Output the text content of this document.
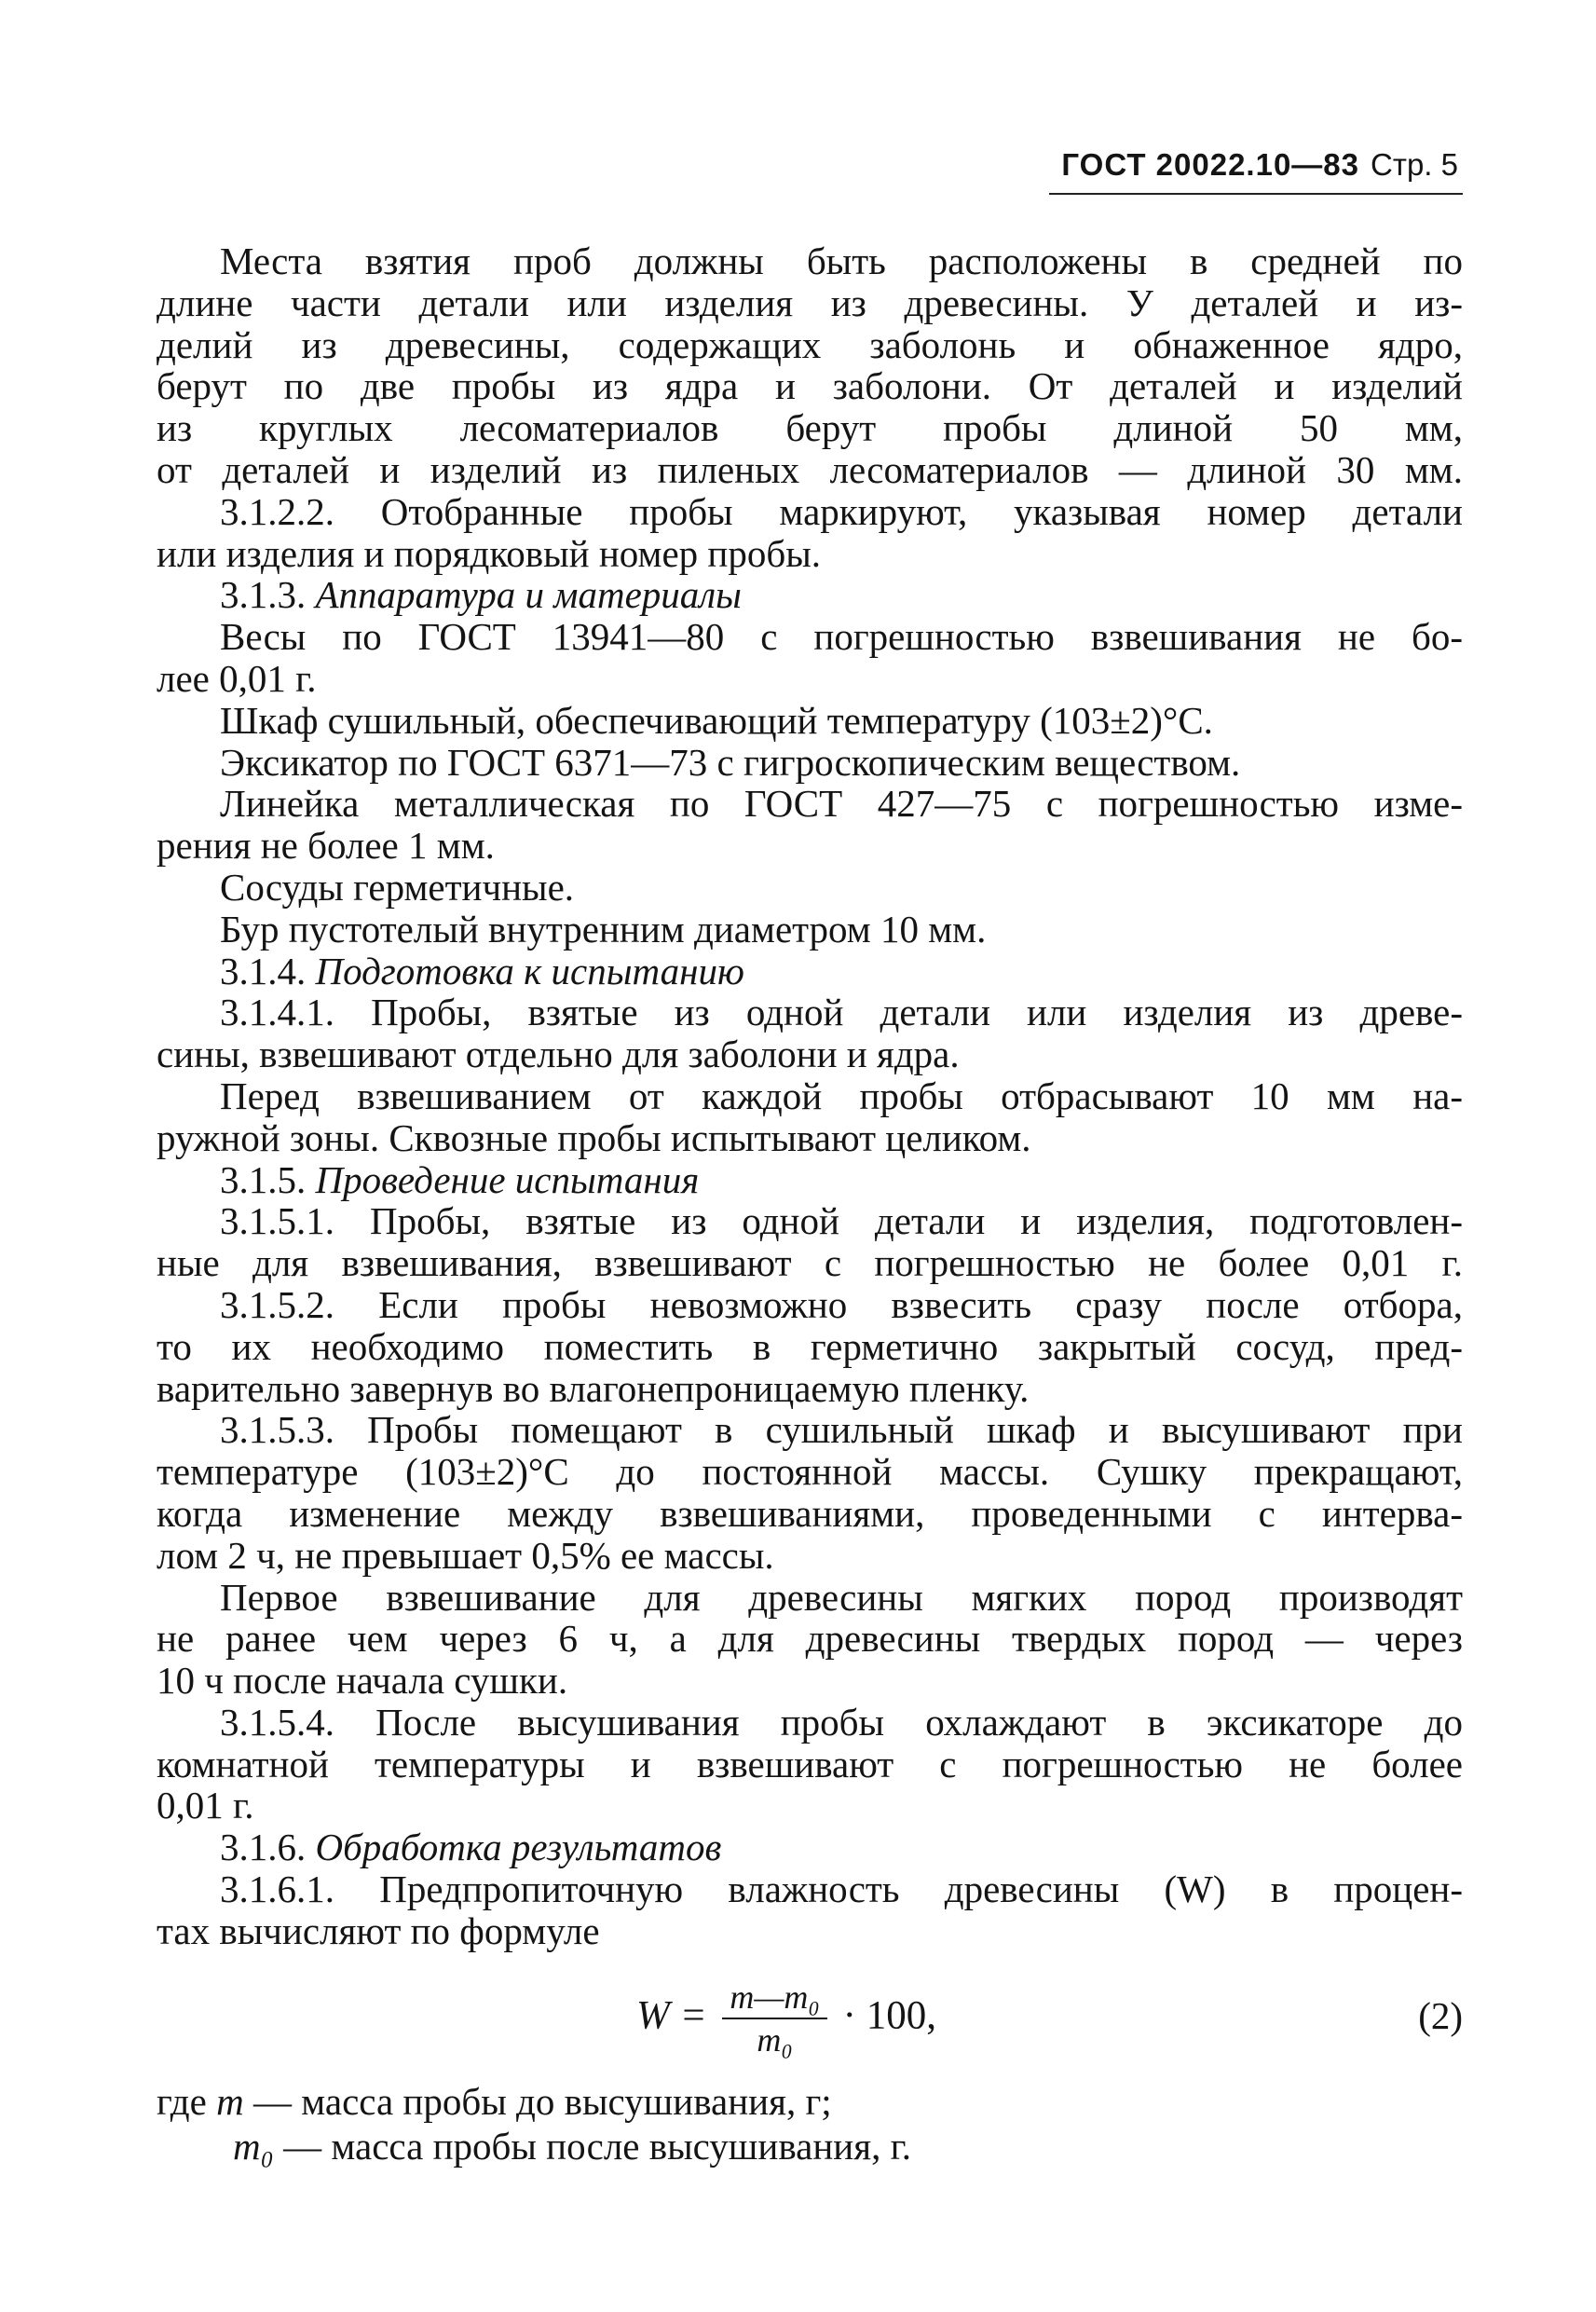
ГОСТ 20022.10—83 Стр. 5
Места взятия проб должны быть расположены в средней по
длине части детали или изделия из древесины. У деталей и из-
делий из древесины, содержащих заболонь и обнаженное ядро,
берут по две пробы из ядра и заболони. От деталей и изделий
из круглых лесоматериалов берут пробы длиной 50 мм,
от деталей и изделий из пиленых лесоматериалов — длиной 30 мм.
3.1.2.2. Отобранные пробы маркируют, указывая номер детали
или изделия и порядковый номер пробы.
3.1.3. Аппаратура и материалы
Весы по ГОСТ 13941—80 с погрешностью взвешивания не бо-
лее 0,01 г.
Шкаф сушильный, обеспечивающий температуру (103±2)°С.
Эксикатор по ГОСТ 6371—73 с гигроскопическим веществом.
Линейка металлическая по ГОСТ 427—75 с погрешностью изме-
рения не более 1 мм.
Сосуды герметичные.
Бур пустотелый внутренним диаметром 10 мм.
3.1.4. Подготовка к испытанию
3.1.4.1. Пробы, взятые из одной детали или изделия из древе-
сины, взвешивают отдельно для заболони и ядра.
Перед взвешиванием от каждой пробы отбрасывают 10 мм на-
ружной зоны. Сквозные пробы испытывают целиком.
3.1.5. Проведение испытания
3.1.5.1. Пробы, взятые из одной детали и изделия, подготовлен-
ные для взвешивания, взвешивают с погрешностью не более 0,01 г.
3.1.5.2. Если пробы невозможно взвесить сразу после отбора,
то их необходимо поместить в герметично закрытый сосуд, пред-
варительно завернув во влагонепроницаемую пленку.
3.1.5.3. Пробы помещают в сушильный шкаф и высушивают при
температуре (103±2)°С до постоянной массы. Сушку прекращают,
когда изменение между взвешиваниями, проведенными с интерва-
лом 2 ч, не превышает 0,5% ее массы.
Первое взвешивание для древесины мягких пород производят
не ранее чем через 6 ч, а для древесины твердых пород — через
10 ч после начала сушки.
3.1.5.4. После высушивания пробы охлаждают в эксикаторе до
комнатной температуры и взвешивают с погрешностью не более
0,01 г.
3.1.6. Обработка результатов
3.1.6.1. Предпропиточную влажность древесины (W) в процен-
тах вычисляют по формуле
$W = \frac{\text{m—m₀}}{\text{m₀}} \cdot 100$,	(2)
где m — масса пробы до высушивания, г;
m₀ — масса пробы после высушивания, г.
